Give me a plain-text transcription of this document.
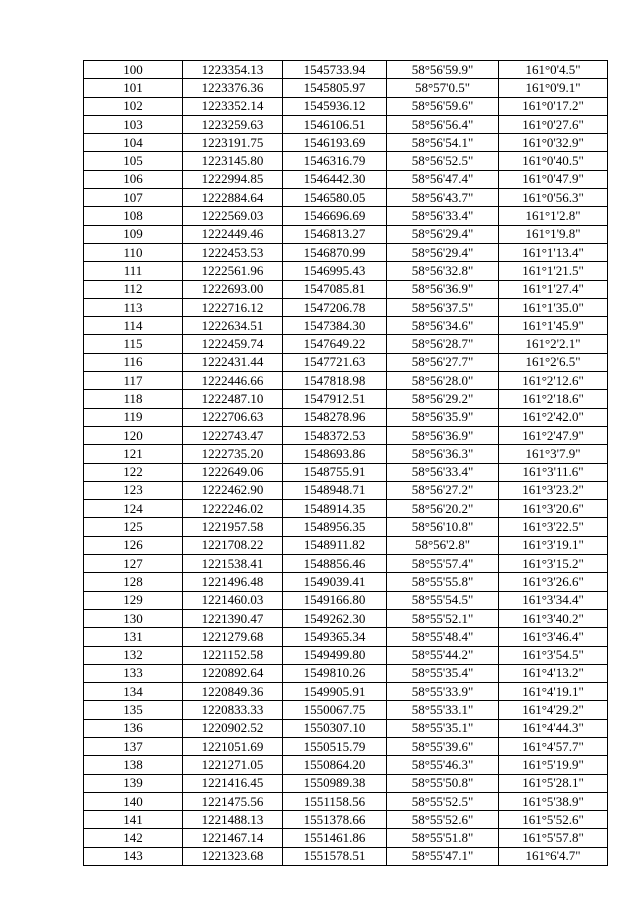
100	1223354.13	1545733.94	58°56'59.9"	161°0'4.5"
101	1223376.36	1545805.97	58°57'0.5"	161°0'9.1"
102	1223352.14	1545936.12	58°56'59.6"	161°0'17.2"
103	1223259.63	1546106.51	58°56'56.4"	161°0'27.6"
104	1223191.75	1546193.69	58°56'54.1"	161°0'32.9"
105	1223145.80	1546316.79	58°56'52.5"	161°0'40.5"
106	1222994.85	1546442.30	58°56'47.4"	161°0'47.9"
107	1222884.64	1546580.05	58°56'43.7"	161°0'56.3"
108	1222569.03	1546696.69	58°56'33.4"	161°1'2.8"
109	1222449.46	1546813.27	58°56'29.4"	161°1'9.8"
110	1222453.53	1546870.99	58°56'29.4"	161°1'13.4"
111	1222561.96	1546995.43	58°56'32.8"	161°1'21.5"
112	1222693.00	1547085.81	58°56'36.9"	161°1'27.4"
113	1222716.12	1547206.78	58°56'37.5"	161°1'35.0"
114	1222634.51	1547384.30	58°56'34.6"	161°1'45.9"
115	1222459.74	1547649.22	58°56'28.7"	161°2'2.1"
116	1222431.44	1547721.63	58°56'27.7"	161°2'6.5"
117	1222446.66	1547818.98	58°56'28.0"	161°2'12.6"
118	1222487.10	1547912.51	58°56'29.2"	161°2'18.6"
119	1222706.63	1548278.96	58°56'35.9"	161°2'42.0"
120	1222743.47	1548372.53	58°56'36.9"	161°2'47.9"
121	1222735.20	1548693.86	58°56'36.3"	161°3'7.9"
122	1222649.06	1548755.91	58°56'33.4"	161°3'11.6"
123	1222462.90	1548948.71	58°56'27.2"	161°3'23.2"
124	1222246.02	1548914.35	58°56'20.2"	161°3'20.6"
125	1221957.58	1548956.35	58°56'10.8"	161°3'22.5"
126	1221708.22	1548911.82	58°56'2.8"	161°3'19.1"
127	1221538.41	1548856.46	58°55'57.4"	161°3'15.2"
128	1221496.48	1549039.41	58°55'55.8"	161°3'26.6"
129	1221460.03	1549166.80	58°55'54.5"	161°3'34.4"
130	1221390.47	1549262.30	58°55'52.1"	161°3'40.2"
131	1221279.68	1549365.34	58°55'48.4"	161°3'46.4"
132	1221152.58	1549499.80	58°55'44.2"	161°3'54.5"
133	1220892.64	1549810.26	58°55'35.4"	161°4'13.2"
134	1220849.36	1549905.91	58°55'33.9"	161°4'19.1"
135	1220833.33	1550067.75	58°55'33.1"	161°4'29.2"
136	1220902.52	1550307.10	58°55'35.1"	161°4'44.3"
137	1221051.69	1550515.79	58°55'39.6"	161°4'57.7"
138	1221271.05	1550864.20	58°55'46.3"	161°5'19.9"
139	1221416.45	1550989.38	58°55'50.8"	161°5'28.1"
140	1221475.56	1551158.56	58°55'52.5"	161°5'38.9"
141	1221488.13	1551378.66	58°55'52.6"	161°5'52.6"
142	1221467.14	1551461.86	58°55'51.8"	161°5'57.8"
143	1221323.68	1551578.51	58°55'47.1"	161°6'4.7"
